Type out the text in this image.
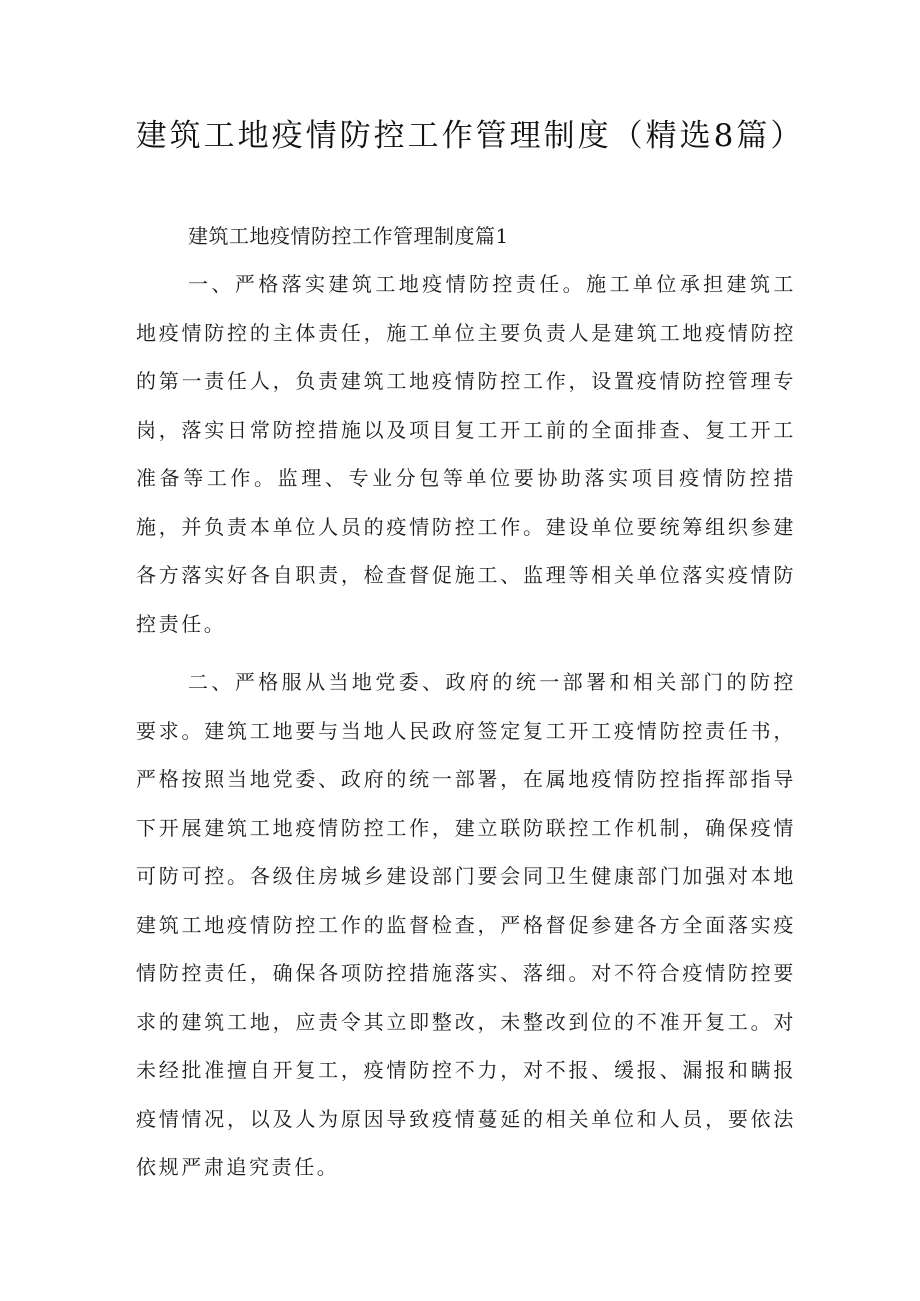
建筑工地疫情防控工作管理制度（精选8篇）

建筑工地疫情防控工作管理制度篇1

一、严格落实建筑工地疫情防控责任。施工单位承担建筑工地疫情防控的主体责任，施工单位主要负责人是建筑工地疫情防控的第一责任人，负责建筑工地疫情防控工作，设置疫情防控管理专岗，落实日常防控措施以及项目复工开工前的全面排查、复工开工准备等工作。监理、专业分包等单位要协助落实项目疫情防控措施，并负责本单位人员的疫情防控工作。建设单位要统筹组织参建各方落实好各自职责，检查督促施工、监理等相关单位落实疫情防控责任。

二、严格服从当地党委、政府的统一部署和相关部门的防控要求。建筑工地要与当地人民政府签定复工开工疫情防控责任书，严格按照当地党委、政府的统一部署，在属地疫情防控指挥部指导下开展建筑工地疫情防控工作，建立联防联控工作机制，确保疫情可防可控。各级住房城乡建设部门要会同卫生健康部门加强对本地建筑工地疫情防控工作的监督检查，严格督促参建各方全面落实疫情防控责任，确保各项防控措施落实、落细。对不符合疫情防控要求的建筑工地，应责令其立即整改，未整改到位的不准开复工。对未经批准擅自开复工，疫情防控不力，对不报、缓报、漏报和瞒报疫情情况，以及人为原因导致疫情蔓延的相关单位和人员，要依法依规严肃追究责任。
